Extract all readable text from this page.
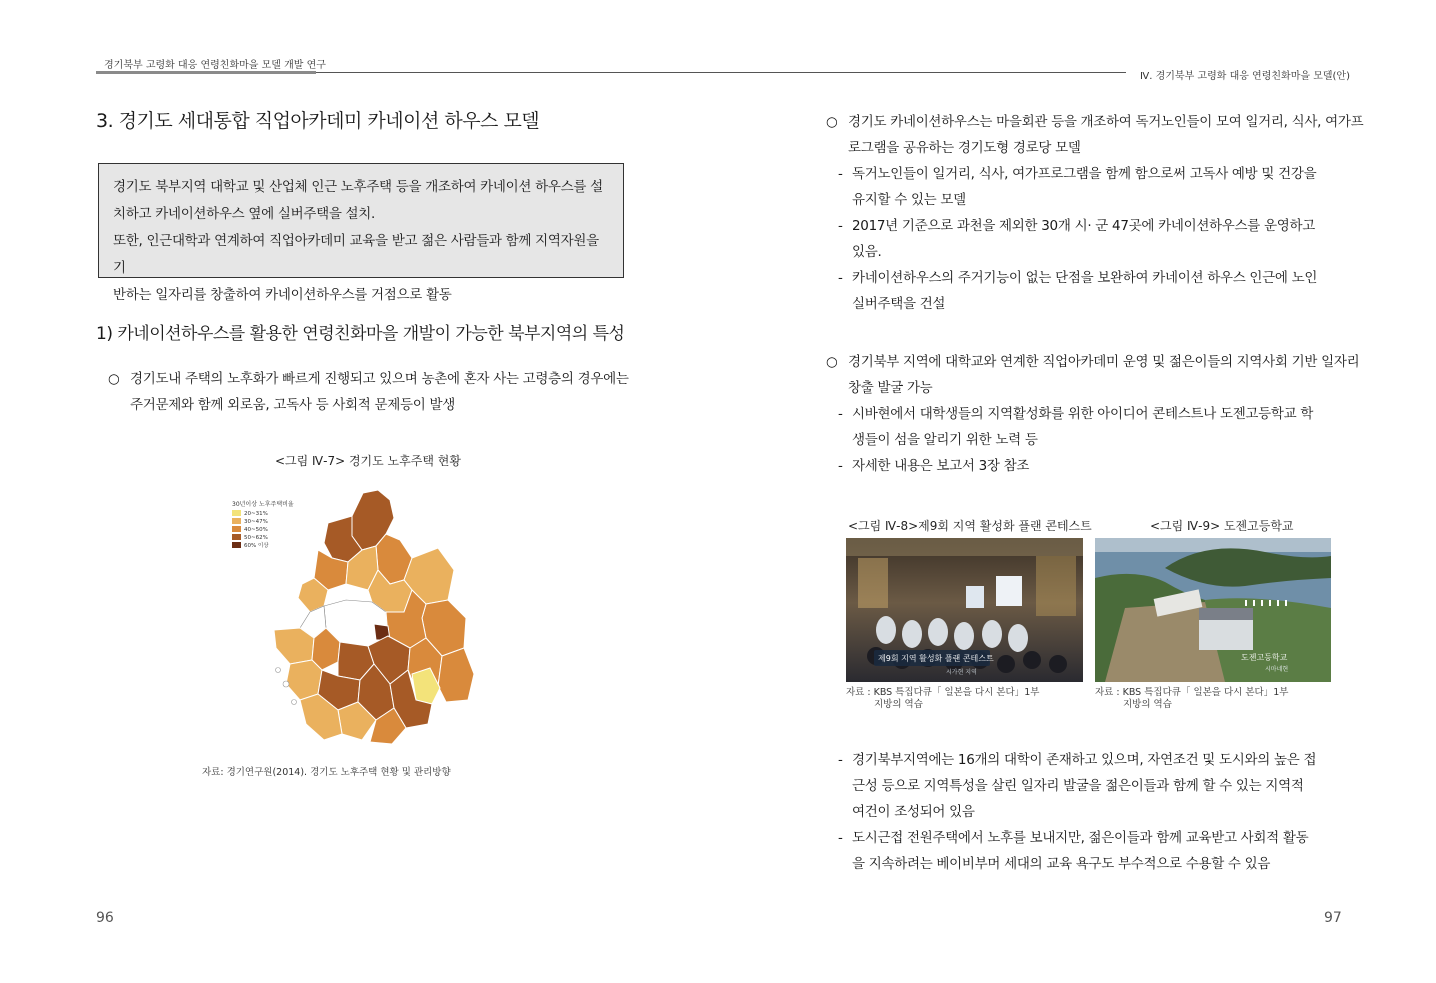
경기북부 고령화 대응 연령친화마을 모델 개발 연구
Ⅳ. 경기북부 고령화 대응 연령친화마을 모델(안)
3. 경기도 세대통합 직업아카데미 카네이션 하우스 모델

경기도 북부지역 대학교 및 산업체 인근 노후주택 등을 개조하여 카네이션 하우스를 설

치하고 카네이션하우스 옆에 실버주택을 설치.

또한, 인근대학과 연계하여 직업아카데미 교육을 받고 젊은 사람들과 함께 지역자원을 기

반하는 일자리를 창출하여 카네이션하우스를 거점으로 활동

1) 카네이션하우스를 활용한 연령친화마을 개발이 가능한 북부지역의 특성
○ 경기도내 주택의 노후화가 빠르게 진행되고 있으며 농촌에 혼자 사는 고령층의 경우에는
주거문제와 함께 외로움, 고독사 등 사회적 문제등이 발생
<그림 Ⅳ-7> 경기도 노후주택 현황
30년이상 노후주택비율
20~31%
30~47%
40~50%
50~62%
60% 이상
자료: 경기연구원(2014). 경기도 노후주택 현황 및 관리방향
96
○ 경기도 카네이션하우스는 마을회관 등을 개조하여 독거노인들이 모여 일거리, 식사, 여가프
로그램을 공유하는 경기도형 경로당 모델
- 독거노인들이 일거리, 식사, 여가프로그램을 함께 함으로써 고독사 예방 및 건강을
유지할 수 있는 모델
- 2017년 기준으로 과천을 제외한 30개 시· 군 47곳에 카네이션하우스를 운영하고
있음.
- 카네이션하우스의 주거기능이 없는 단점을 보완하여 카네이션 하우스 인근에 노인
실버주택을 건설
○ 경기북부 지역에 대학교와 연계한 직업아카데미 운영 및 젊은이들의 지역사회 기반 일자리
창출 발굴 가능
- 시바현에서 대학생들의 지역활성화를 위한 아이디어 콘테스트나 도젠고등학교 학
생들이 섬을 알리기 위한 노력 등
- 자세한 내용은 보고서 3장 참조
<그림 Ⅳ-8>제9회 지역 활성화 플랜 콘테스트
제9회 지역 활성화 플랜 콘테스트
시가현 지역
자료 : KBS 특집다큐「 일본을 다시 본다」1부
지방의 역습
<그림 Ⅳ-9> 도젠고등학교
도젠고등학교
시마네현
자료 : KBS 특집다큐「 일본을 다시 본다」1부
지방의 역습
- 경기북부지역에는 16개의 대학이 존재하고 있으며, 자연조건 및 도시와의 높은 접
근성 등으로 지역특성을 살린 일자리 발굴을 젊은이들과 함께 할 수 있는 지역적
여건이 조성되어 있음
- 도시근접 전원주택에서 노후를 보내지만, 젊은이들과 함께 교육받고 사회적 활동
을 지속하려는 베이비부머 세대의 교육 욕구도 부수적으로 수용할 수 있음
97
